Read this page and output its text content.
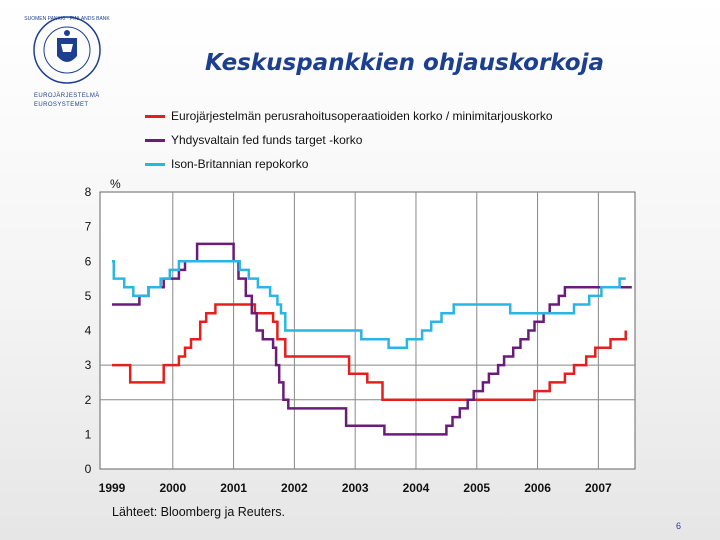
SUOMEN PANKKI · FINLANDS BANK
EUROJÄRJESTELMÄ
EUROSYSTEMET
Keskuspankkien ohjauskorkoja
Eurojärjestelmän perusrahoitusoperaatioiden korko / minimitarjouskorko
Yhdysvaltain fed funds target -korko
Ison-Britannian repokorko
0
1
2
3
4
5
6
7
8
1999	2000	2001	2002	2003	2004	2005	2006	2007
%
Lähteet: Bloomberg ja Reuters.
6
